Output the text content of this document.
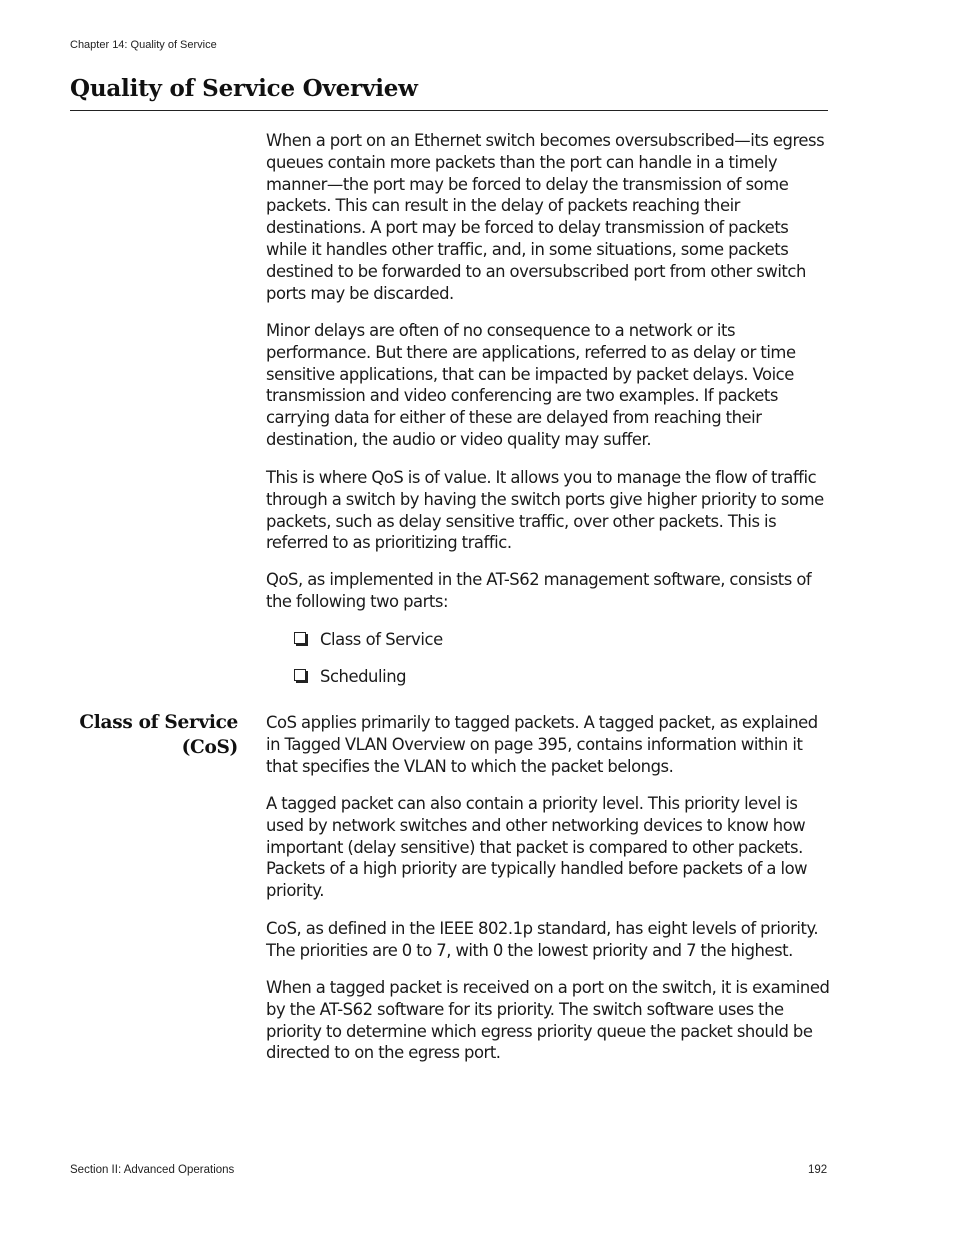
Chapter 14: Quality of Service
Quality of Service Overview

When a port on an Ethernet switch becomes oversubscribed—its egress queues contain more packets than the port can handle in a timely manner—the port may be forced to delay the transmission of some packets. This can result in the delay of packets reaching their destinations. A port may be forced to delay transmission of packets while it handles other traffic, and, in some situations, some packets destined to be forwarded to an oversubscribed port from other switch ports may be discarded.

Minor delays are often of no consequence to a network or its performance. But there are applications, referred to as delay or time sensitive applications, that can be impacted by packet delays. Voice transmission and video conferencing are two examples. If packets carrying data for either of these are delayed from reaching their destination, the audio or video quality may suffer.

This is where QoS is of value. It allows you to manage the flow of traffic through a switch by having the switch ports give higher priority to some packets, such as delay sensitive traffic, over other packets. This is referred to as prioritizing traffic.

QoS, as implemented in the AT-S62 management software, consists of the following two parts:

Class of Service
Scheduling
Class of Service
(CoS)

CoS applies primarily to tagged packets. A tagged packet, as explained in Tagged VLAN Overview on page 395, contains information within it that specifies the VLAN to which the packet belongs.

A tagged packet can also contain a priority level. This priority level is used by network switches and other networking devices to know how important (delay sensitive) that packet is compared to other packets. Packets of a high priority are typically handled before packets of a low priority.

CoS, as defined in the IEEE 802.1p standard, has eight levels of priority. The priorities are 0 to 7, with 0 the lowest priority and 7 the highest.

When a tagged packet is received on a port on the switch, it is examined by the AT-S62 software for its priority. The switch software uses the priority to determine which egress priority queue the packet should be directed to on the egress port.

Section II: Advanced Operations	192
